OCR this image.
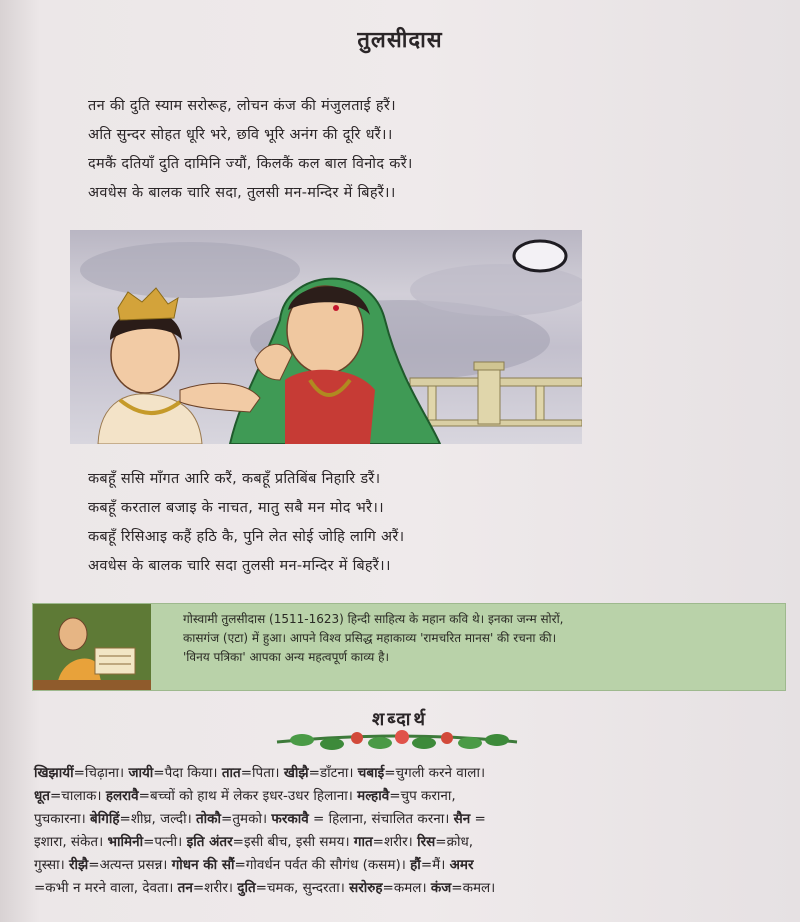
तुलसीदास
तन की दुति स्याम सरोरूह, लोचन कंज की मंजुलताई हरैं।
अति सुन्दर सोहत धूरि भरे, छवि भूरि अनंग की दूरि धरैं।।
दमकैं दतियाँ दुति दामिनि ज्यौं, किलकैं कल बाल विनोद करैं।
अवधेस के बालक चारि सदा, तुलसी मन-मन्दिर में बिहरैं।।
कबहूँ ससि माँगत आरि करैं, कबहूँ प्रतिबिंब निहारि डरैं।
कबहूँ करताल बजाइ के नाचत, मातु सबै मन मोद भरै।।
कबहूँ रिसिआइ कहैं हठि कै, पुनि लेत सोई जोहि लागि अरैं।
अवधेस के बालक चारि सदा तुलसी मन-मन्दिर में बिहरैं।।
गोस्वामी तुलसीदास (1511-1623) हिन्दी साहित्य के महान कवि थे। इनका जन्म सोरों,
कासगंज (एटा) में हुआ। आपने विश्व प्रसिद्ध महाकाव्य 'रामचरित मानस' की रचना की।
'विनय पत्रिका' आपका अन्य महत्वपूर्ण काव्य है।
शब्दार्थ
खिझायीं=चिढ़ाना। जायी=पैदा किया। तात=पिता। खीझै=डाँटना। चबाई=चुगली करने वाला।
धूत=चालाक। हलरावै=बच्चों को हाथ में लेकर इधर-उधर हिलाना। मल्हावै=चुप कराना,
पुचकारना। बेगिहिं=शीघ्र, जल्दी। तोकौ=तुमको। फरकावै = हिलाना, संचालित करना। सैन =
इशारा, संकेत। भामिनी=पत्नी। इति अंतर=इसी बीच, इसी समय। गात=शरीर। रिस=क्रोध,
गुस्सा। रीझै=अत्यन्त प्रसन्न। गोधन की सौं=गोवर्धन पर्वत की सौगंध (कसम)। हौं=मैं। अमर
=कभी न मरने वाला, देवता। तन=शरीर। दुति=चमक, सुन्दरता। सरोरुह=कमल। कंज=कमल।
